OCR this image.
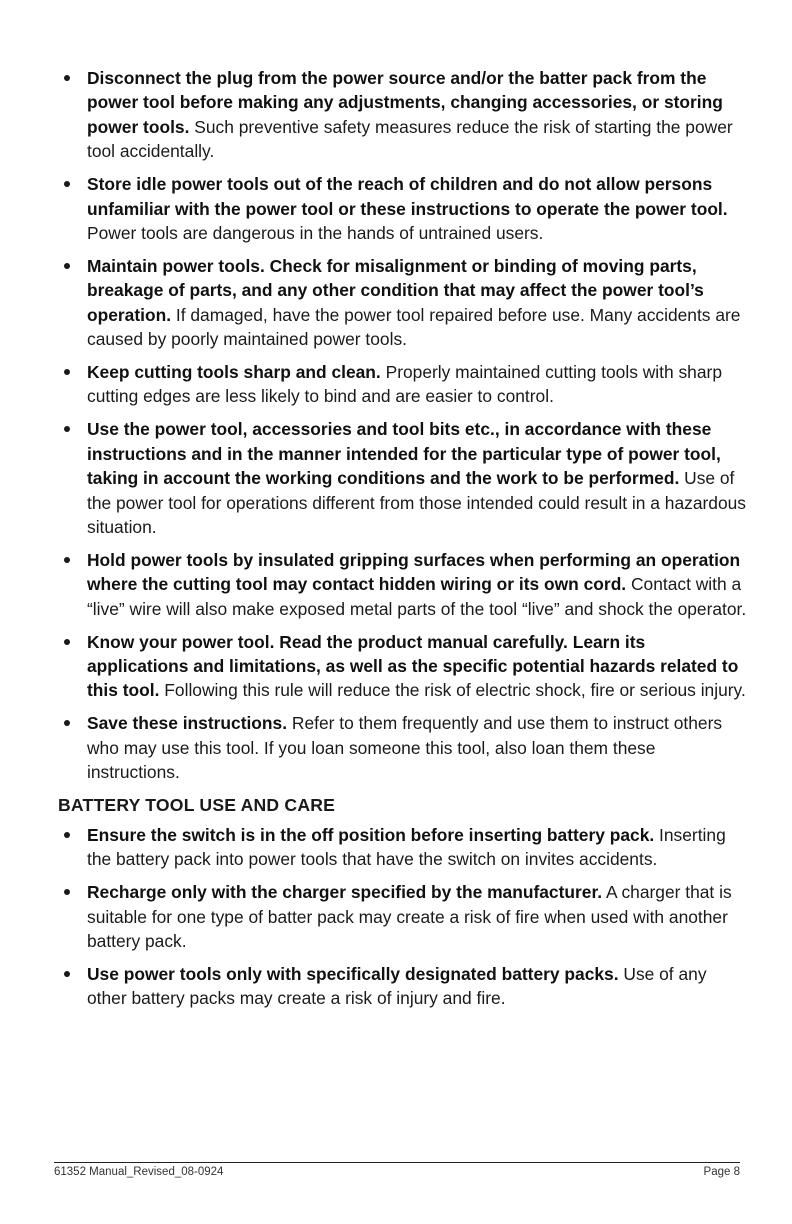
Disconnect the plug from the power source and/or the batter pack from the power tool before making any adjustments, changing accessories, or storing power tools. Such preventive safety measures reduce the risk of starting the power tool accidentally.
Store idle power tools out of the reach of children and do not allow persons unfamiliar with the power tool or these instructions to operate the power tool. Power tools are dangerous in the hands of untrained users.
Maintain power tools. Check for misalignment or binding of moving parts, breakage of parts, and any other condition that may affect the power tool’s operation. If damaged, have the power tool repaired before use. Many accidents are caused by poorly maintained power tools.
Keep cutting tools sharp and clean. Properly maintained cutting tools with sharp cutting edges are less likely to bind and are easier to control.
Use the power tool, accessories and tool bits etc., in accordance with these instructions and in the manner intended for the particular type of power tool, taking in account the working conditions and the work to be performed. Use of the power tool for operations different from those intended could result in a hazardous situation.
Hold power tools by insulated gripping surfaces when performing an operation where the cutting tool may contact hidden wiring or its own cord. Contact with a “live” wire will also make exposed metal parts of the tool “live” and shock the operator.
Know your power tool. Read the product manual carefully. Learn its applications and limitations, as well as the specific potential hazards related to this tool. Following this rule will reduce the risk of electric shock, fire or serious injury.
Save these instructions. Refer to them frequently and use them to instruct others who may use this tool. If you loan someone this tool, also loan them these instructions.
BATTERY TOOL USE AND CARE
Ensure the switch is in the off position before inserting battery pack. Inserting the battery pack into power tools that have the switch on invites accidents.
Recharge only with the charger specified by the manufacturer. A charger that is suitable for one type of batter pack may create a risk of fire when used with another battery pack.
Use power tools only with specifically designated battery packs. Use of any other battery packs may create a risk of injury and fire.
61352 Manual_Revised_08-0924	Page 8
